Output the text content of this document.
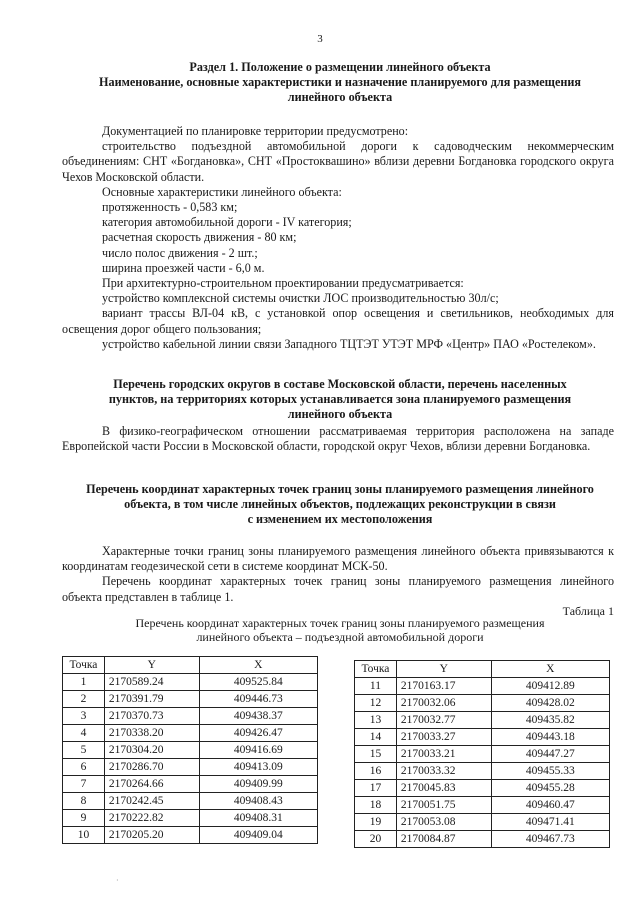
3
Раздел 1. Положение о размещении линейного объекта
Наименование, основные характеристики и назначение планируемого для размещения
линейного объекта

Документацией по планировке территории предусмотрено:

строительство подъездной автомобильной дороги к садоводческим некоммерческим объединениям: СНТ «Богдановка», СНТ «Простоквашино» вблизи деревни Богдановка городского округа Чехов Московской области.

Основные характеристики линейного объекта:

протяженность - 0,583 км;

категория автомобильной дороги - IV категория;

расчетная скорость движения - 80 км;

число полос движения - 2 шт.;

ширина проезжей части - 6,0 м.

При архитектурно-строительном проектировании предусматривается:

устройство комплексной системы очистки ЛОС производительностью 30л/с;

вариант трассы ВЛ-04 кВ, с установкой опор освещения и светильников, необходимых для освещения дорог общего пользования;

устройство кабельной линии связи Западного ТЦТЭТ УТЭТ МРФ «Центр» ПАО «Ростелеком».

Перечень городских округов в составе Московской области, перечень населенных
пунктов, на территориях которых устанавливается зона планируемого размещения
линейного объекта

В физико-географическом отношении рассматриваемая территория расположена на западе Европейской части России в Московской области, городской округ Чехов, вблизи деревни Богдановка.

Перечень координат характерных точек границ зоны планируемого размещения линейного
объекта, в том числе линейных объектов, подлежащих реконструкции в связи
с изменением их местоположения

Характерные точки границ зоны планируемого размещения линейного объекта привязываются к координатам геодезической сети в системе координат МСК-50.

Перечень координат характерных точек границ зоны планируемого размещения линейного объекта представлен в таблице 1.

Таблица 1
Перечень координат характерных точек границ зоны планируемого размещения
линейного объекта – подъездной автомобильной дороги
Точка	Y	X
1	2170589.24	409525.84
2	2170391.79	409446.73
3	2170370.73	409438.37
4	2170338.20	409426.47
5	2170304.20	409416.69
6	2170286.70	409413.09
7	2170264.66	409409.99
8	2170242.45	409408.43
9	2170222.82	409408.31
10	2170205.20	409409.04
Точка	Y	X
11	2170163.17	409412.89
12	2170032.06	409428.02
13	2170032.77	409435.82
14	2170033.27	409443.18
15	2170033.21	409447.27
16	2170033.32	409455.33
17	2170045.83	409455.28
18	2170051.75	409460.47
19	2170053.08	409471.41
20	2170084.87	409467.73
·
